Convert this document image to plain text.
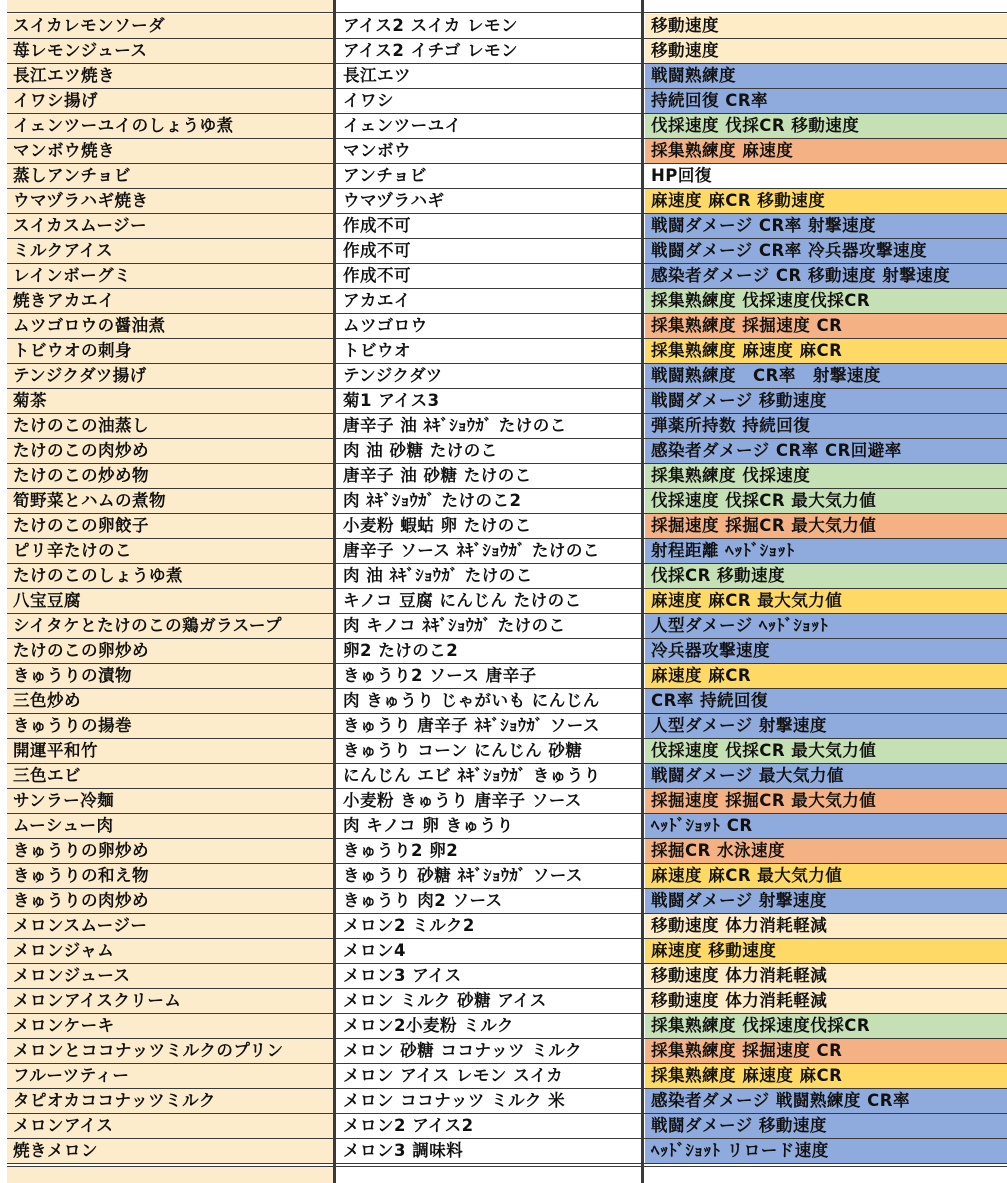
スイカレモンソーダ	アイス2 スイカ レモン	移動速度
苺レモンジュース	アイス2 イチゴ レモン	移動速度
長江エツ焼き	長江エツ	戦闘熟練度
イワシ揚げ	イワシ	持続回復 CR率
イェンツーユイのしょうゆ煮	イェンツーユイ	伐採速度 伐採CR 移動速度
マンボウ焼き	マンボウ	採集熟練度 麻速度
蒸しアンチョビ	アンチョビ	HP回復
ウマヅラハギ焼き	ウマヅラハギ	麻速度 麻CR 移動速度
スイカスムージー	作成不可	戦闘ダメージ CR率 射撃速度
ミルクアイス	作成不可	戦闘ダメージ CR率 冷兵器攻撃速度
レインボーグミ	作成不可	感染者ダメージ CR 移動速度 射撃速度
焼きアカエイ	アカエイ	採集熟練度 伐採速度伐採CR
ムツゴロウの醤油煮	ムツゴロウ	採集熟練度 採掘速度 CR
トビウオの刺身	トビウオ	採集熟練度 麻速度 麻CR
テンジクダツ揚げ	テンジクダツ	戦闘熟練度　CR率　射撃速度
菊茶	菊1 アイス3	戦闘ダメージ 移動速度
たけのこの油蒸し	唐辛子 油 ﾈｷﾞｼｮｳｶﾞ たけのこ	弾薬所持数 持続回復
たけのこの肉炒め	肉 油 砂糖 たけのこ	感染者ダメージ CR率 CR回避率
たけのこの炒め物	唐辛子 油 砂糖 たけのこ	採集熟練度 伐採速度
筍野菜とハムの煮物	肉 ﾈｷﾞｼｮｳｶﾞ たけのこ2	伐採速度 伐採CR 最大気力値
たけのこの卵餃子	小麦粉 蝦蛄 卵 たけのこ	採掘速度 採掘CR 最大気力値
ピリ辛たけのこ	唐辛子 ソース ﾈｷﾞｼｮｳｶﾞ たけのこ	射程距離 ﾍｯﾄﾞｼｮｯﾄ
たけのこのしょうゆ煮	肉 油 ﾈｷﾞｼｮｳｶﾞ たけのこ	伐採CR 移動速度
八宝豆腐	キノコ 豆腐 にんじん たけのこ	麻速度 麻CR 最大気力値
シイタケとたけのこの鶏ガラスープ	肉 キノコ ﾈｷﾞｼｮｳｶﾞ たけのこ	人型ダメージ ﾍｯﾄﾞｼｮｯﾄ
たけのこの卵炒め	卵2 たけのこ2	冷兵器攻撃速度
きゅうりの漬物	きゅうり2 ソース 唐辛子	麻速度 麻CR
三色炒め	肉 きゅうり じゃがいも にんじん	CR率 持続回復
きゅうりの揚巻	きゅうり 唐辛子 ﾈｷﾞｼｮｳｶﾞ ソース	人型ダメージ 射撃速度
開運平和竹	きゅうり コーン にんじん 砂糖	伐採速度 伐採CR 最大気力値
三色エビ	にんじん エビ ﾈｷﾞｼｮｳｶﾞ きゅうり	戦闘ダメージ 最大気力値
サンラー冷麺	小麦粉 きゅうり 唐辛子 ソース	採掘速度 採掘CR 最大気力値
ムーシュー肉	肉 キノコ 卵 きゅうり	ﾍｯﾄﾞｼｮｯﾄ CR
きゅうりの卵炒め	きゅうり2 卵2	採掘CR 水泳速度
きゅうりの和え物	きゅうり 砂糖 ﾈｷﾞｼｮｳｶﾞ ソース	麻速度 麻CR 最大気力値
きゅうりの肉炒め	きゅうり 肉2 ソース	戦闘ダメージ 射撃速度
メロンスムージー	メロン2 ミルク2	移動速度 体力消耗軽減
メロンジャム	メロン4	麻速度 移動速度
メロンジュース	メロン3 アイス	移動速度 体力消耗軽減
メロンアイスクリーム	メロン ミルク 砂糖 アイス	移動速度 体力消耗軽減
メロンケーキ	メロン2小麦粉 ミルク	採集熟練度 伐採速度伐採CR
メロンとココナッツミルクのプリン	メロン 砂糖 ココナッツ ミルク	採集熟練度 採掘速度 CR
フルーツティー	メロン アイス レモン スイカ	採集熟練度 麻速度 麻CR
タピオカココナッツミルク	メロン ココナッツ ミルク 米	感染者ダメージ 戦闘熟練度 CR率
メロンアイス	メロン2 アイス2	戦闘ダメージ 移動速度
焼きメロン	メロン3 調味料	ﾍｯﾄﾞｼｮｯﾄ リロード速度
